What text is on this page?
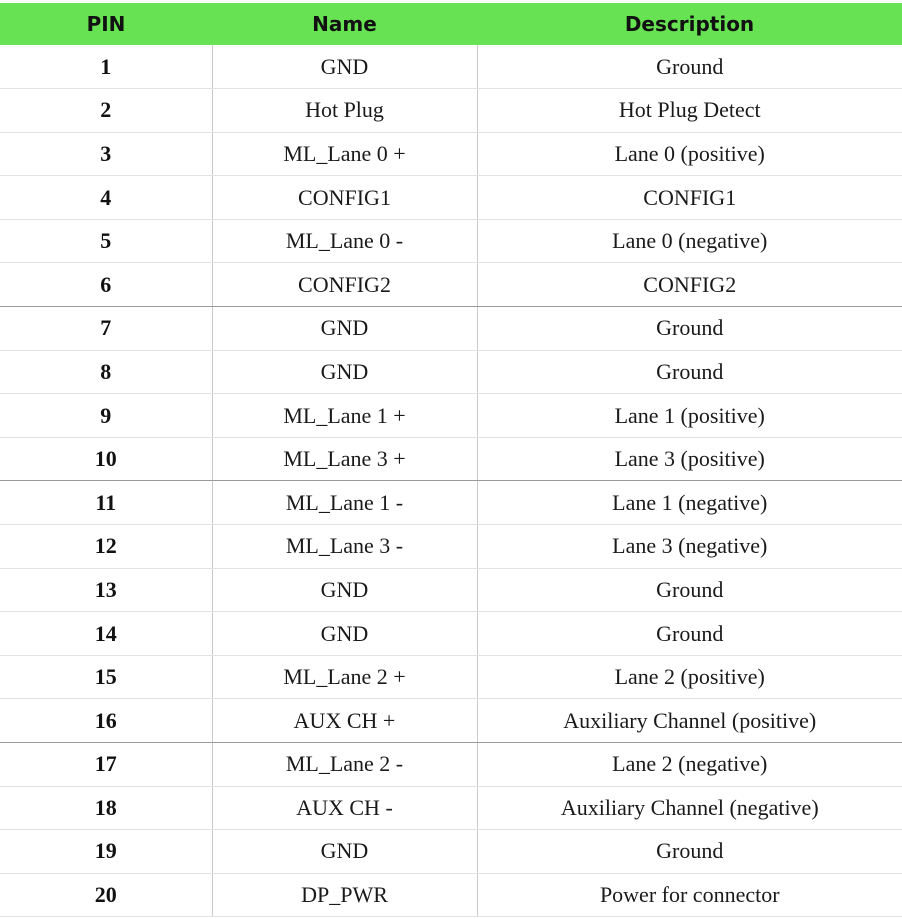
PIN	Name	Description
1	GND	Ground
2	Hot Plug	Hot Plug Detect
3	ML_Lane 0 +	Lane 0 (positive)
4	CONFIG1	CONFIG1
5	ML_Lane 0 -	Lane 0 (negative)
6	CONFIG2	CONFIG2
7	GND	Ground
8	GND	Ground
9	ML_Lane 1 +	Lane 1 (positive)
10	ML_Lane 3 +	Lane 3 (positive)
11	ML_Lane 1 -	Lane 1 (negative)
12	ML_Lane 3 -	Lane 3 (negative)
13	GND	Ground
14	GND	Ground
15	ML_Lane 2 +	Lane 2 (positive)
16	AUX CH +	Auxiliary Channel (positive)
17	ML_Lane 2 -	Lane 2 (negative)
18	AUX CH -	Auxiliary Channel (negative)
19	GND	Ground
20	DP_PWR	Power for connector
